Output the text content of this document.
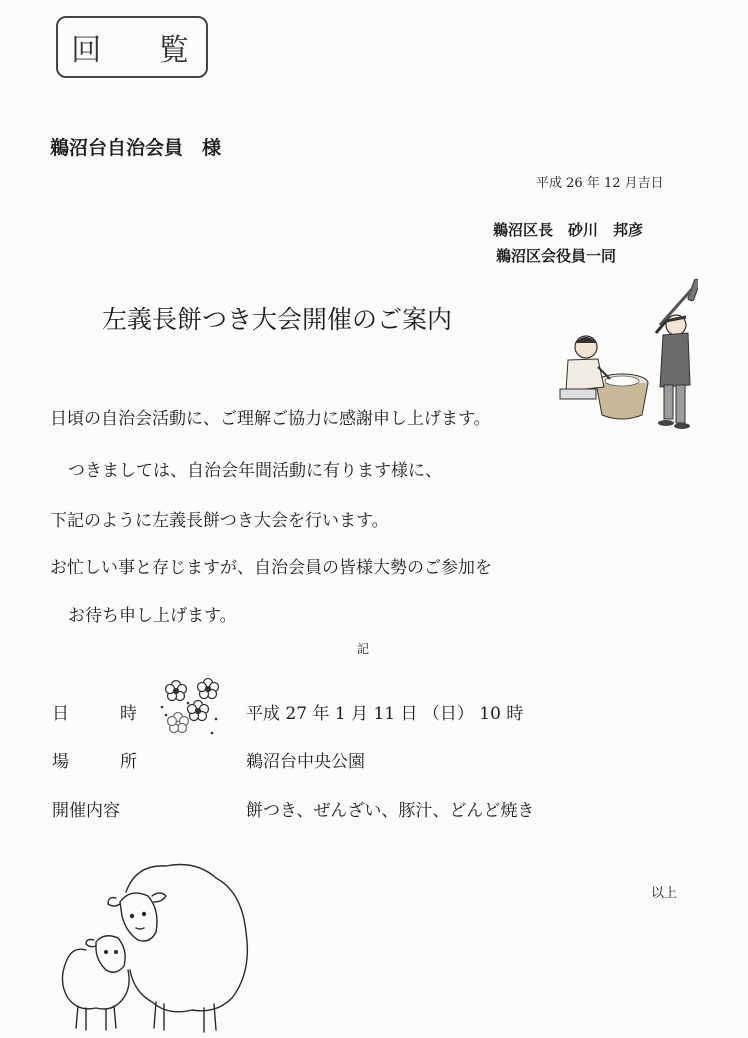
回 覧
鵜沼台自治会員　様
平成 26 年 12 月吉日
鵜沼区長　砂川　邦彦
鵜沼区会役員一同
左義長餅つき大会開催のご案内
日頃の自治会活動に、ご理解ご協力に感謝申し上げます。
つきましては、自治会年間活動に有ります様に、
下記のように左義長餅つき大会を行います。
お忙しい事と存じますが、自治会員の皆様大勢のご参加を
お待ち申し上げます。
記
日　　　時	平成 27 年 1 月 11 日 （日） 10 時
場　　　所	鵜沼台中央公園
開催内容	餅つき、ぜんざい、豚汁、どんど焼き
以上
